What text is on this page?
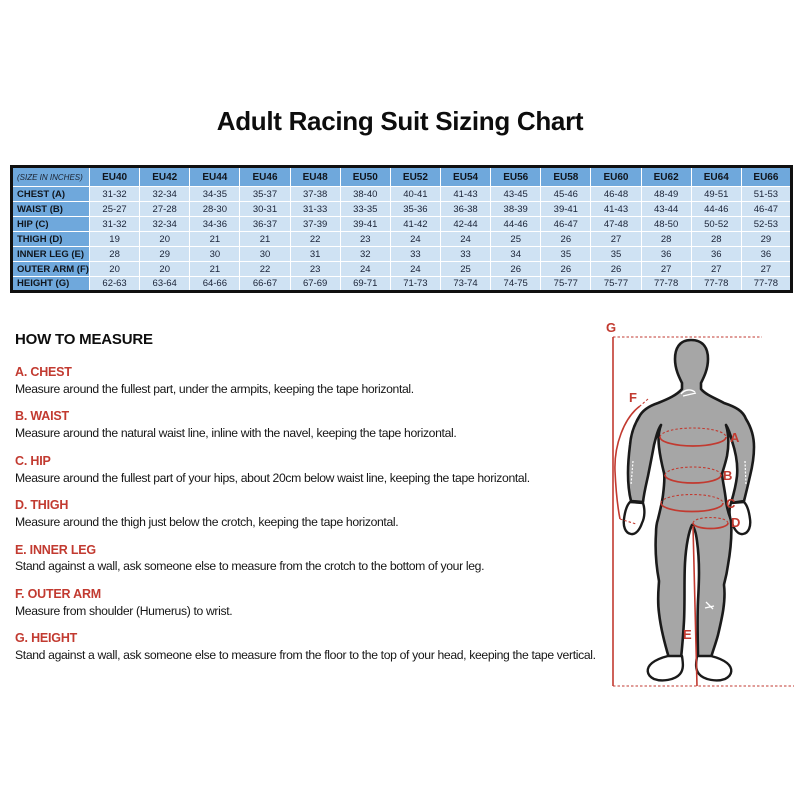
Adult Racing Suit Sizing Chart
(SIZE IN INCHES)	EU40	EU42	EU44	EU46	EU48	EU50	EU52	EU54	EU56	EU58	EU60	EU62	EU64	EU66
CHEST (A)	31-32	32-34	34-35	35-37	37-38	38-40	40-41	41-43	43-45	45-46	46-48	48-49	49-51	51-53
WAIST (B)	25-27	27-28	28-30	30-31	31-33	33-35	35-36	36-38	38-39	39-41	41-43	43-44	44-46	46-47
HIP (C)	31-32	32-34	34-36	36-37	37-39	39-41	41-42	42-44	44-46	46-47	47-48	48-50	50-52	52-53
THIGH (D)	19	20	21	21	22	23	24	24	25	26	27	28	28	29
INNER LEG (E)	28	29	30	30	31	32	33	33	34	35	35	36	36	36
OUTER ARM (F)	20	20	21	22	23	24	24	25	26	26	26	27	27	27
HEIGHT (G)	62-63	63-64	64-66	66-67	67-69	69-71	71-73	73-74	74-75	75-77	75-77	77-78	77-78	77-78
HOW TO MEASURE
A. CHEST

Measure around the fullest part, under the armpits, keeping the tape horizontal.

B. WAIST

Measure around the natural waist line, inline with the navel, keeping the tape horizontal.

C. HIP

Measure around the fullest part of your hips, about 20cm below waist line, keeping the tape horizontal.

D. THIGH

Measure around the thigh just below the crotch, keeping the tape horizontal.

E. INNER LEG

Stand against a wall, ask someone else to measure from the crotch to the bottom of your leg.

F. OUTER ARM

Measure from shoulder (Humerus) to wrist.

G. HEIGHT

Stand against a wall, ask someone else to measure from the floor to the top of your head, keeping the tape vertical.

A
B
C
D
E
F
G
